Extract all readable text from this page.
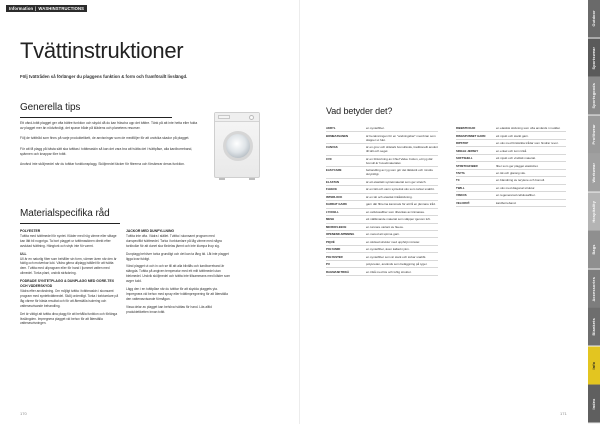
Information | WASHINSTRUCTIONS
Tvättinstruktioner
Följ tvättråden så förlänger du plaggens funktion & form och framförallt livslängd.
Generella tips

Ett vänd-tvätt plagget ger ofta bättre funktion och skydd då du kan fräscha upp det bättre. Tänk på att inte hetta eller fukta av plagget mer än nödvändigt, det sparar både på klädens och planetens resurser.

Följ de tvättråd som finns på varje produktetikett, de anvisningar som de medföljer för att undvika skador på plagget.

För att få plagg på bästa sätt ska tvättas i tvättmaskin så kan det vara bra att tvätta det i tvättpåse, alla kardborreband, spännen och knappar före tvätt.

Använd inte sköljmedel när du tvättar funktionsplagg. Sköljmedel täcker för fibrerna och försämrar deras funktion.

Materialspecifika råd
POLYESTER

Tvätta med tvättmedel för syntet. Kläder med hög värme eller slitage kan lätt bli noppriga. Ta bort plagget ur tvättmaskinen direkt efter avslutad tvättning. Hängtork och stryk inte för varmt.

ULL

Ull är en naturlig fiber som behåller sin form, värmer även när den är fuktig och motverkar lukt. Vädra gärna ullplagg istället för att tvätta dem. Tvätta med ullprogram eller för hand i ljummet vatten med ullmedel. Torka plant, undvik sträckning.

FODRADE SYNTETPLAGG & DUNPLAGG MED GORE-TEX OCH VÄDERSKYDD

Vädra efter användning. Om möjligt tvätta i tvättmaskin i skonsamt program med syntettvättmedel. Skölj ordentligt. Torka i torktumlare på låg värme för bästa resultat och för att återställa isolering och vattenavvisande behandling.

Det är viktigt att tvätta dina plagg för att behålla funktion och förlänga livslängden. Impregnera plagget vid behov för att återställa vattenavvisningen.

JACKOR MED DUNFYLLNING

Tvätta inte ofta. Vädra i stället. Tvätta i skonsamt program med dunspecifikt tvättmedel. Torka i torktumlare på låg värme med några torkbollar för att dunet ska fördelas jämnt och inte klumpa ihop sig.

Dunplagg behöver torka grundligt och det kan ta lång tid. Låt inte plagget ligga kvar fuktigt.

Vänd plagget ut och in och se till att alla blixtlås och kardborreband är stängda. Tvätta på angiven temperatur med ett milt tvättmedel utan blekmedel. Undvik sköljmedel och tvätta inte tillsammans med kläder som avger ludd.

Lägg den i en tvättpåse när du tvättar för att skydda plaggets yta. Impregnera vid behov med spray eller tvättimpregnering för att återställa den vattenavvisande förmågan.

Vissa delar av plagget kan behöva tvättas för hand. Läs alltid produktetiketten innan tvätt.

170
Vad betyder det?
AKRYL	en syntetfiber.
BOMBASVANEN	är benämningen för en "andningsbar" membran som släpper ut fukt.
CANVAS	är en grov och slitstark bomullsväv, traditionellt använt till tält och segel.
CVC	är en förkortning av Chief Value Cotton, ett tyg där bomull är huvudmaterialet.
EASYCARE	behandling av tyg som gör det lättskött och mindre skrynkligt.
ELASTAN	är ett elastiskt syntetmaterial som ger stretch.
FLEECE	är en lätt och varm syntetisk väv som torkar snabbt.
INTERLOCK	är en tät och elastisk trikåstickning.
KARDAT GARN	garn där fibrerna kammats för att få en jämnare tråd.
LYOCELL	en cellulosafiber som tillverkas av trämassa.
MESH	ett nätliknande material som släpper igenom luft.
MICROFLEECE	en tunnare variant av fleece.
OPENEND-SPINNING	en metod att spinna garn.
PIQUÉ	en stickad struktur med upphöjt mönster.
POLYAMID	en syntetfiber, även kallad nylon.
POLYESTER	en syntetfiber som är stark och torkar snabbt.
PU	polyuretan, används som beläggning på tyger.
RAGMASKTRIKÅ	en trikå med lös och luftig struktur.
RIBBSTICKAD	en elastisk stickning som ofta används i muddar.
RINGSPUNNET GARN	ett mjukt och starkt garn.
RIPSTOP	en väv med förstärkta trådar som hindrar revor.
SINGLE JERSEY	en enkel och tunn trikå.
SOFTSHELL	ett mjukt och vindtätt material.
STRETCHFIBER	fiber som ger plagget elasticitet.
TAFTA	en tät och glansig väv.
TC	en blandning av terylene och bomull.
TWILL	en väv med diagonal struktur.
VISKOS	en regenererad cellulosafiber.
VELCRO®	kardborreband.
171
Outdoor
Sportswear
Sportsgoods
Profilwear
Workwear
Hospitality
Bags
Accessories
Blankets
Info
Index
